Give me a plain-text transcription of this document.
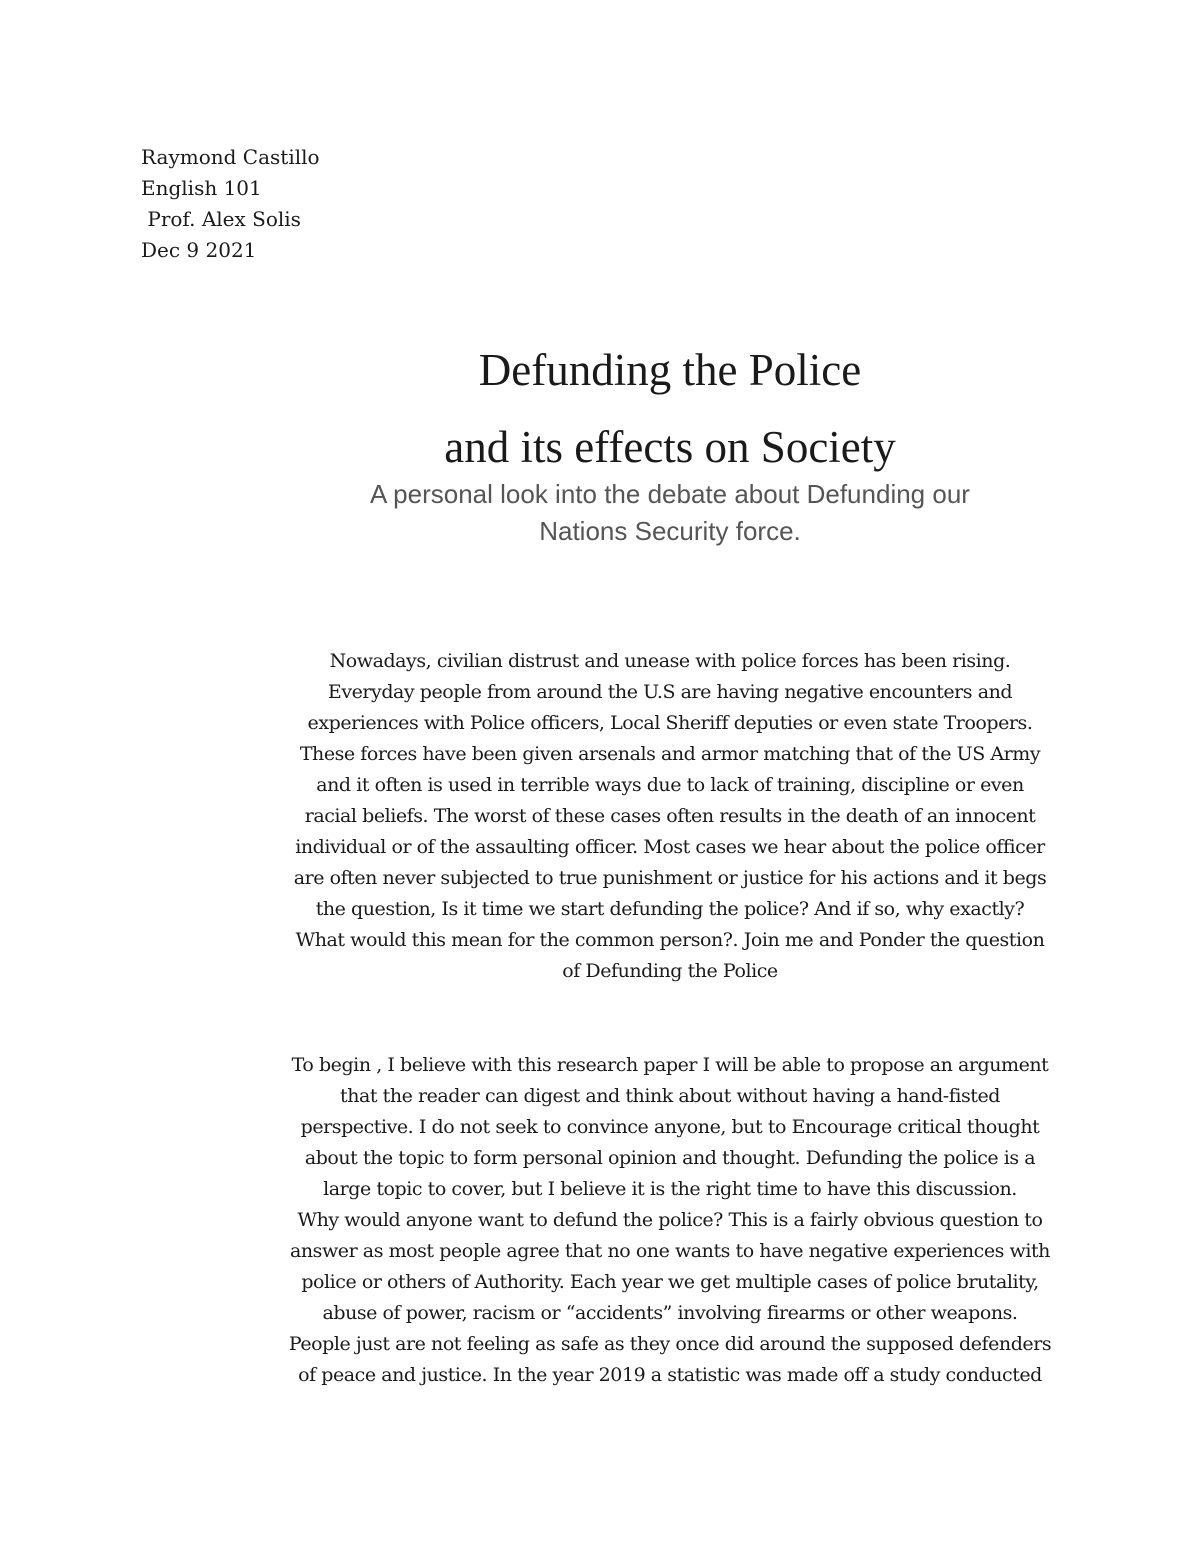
Raymond Castillo
English 101
Prof. Alex Solis
Dec 9 2021
Defunding the Police
and its effects on Society
A personal look into the debate about Defunding our
Nations Security force.
Nowadays, civilian distrust and unease with police forces has been rising.
Everyday people from around the U.S are having negative encounters and
experiences with Police officers, Local Sheriff deputies or even state Troopers.
These forces have been given arsenals and armor matching that of the US Army
and it often is used in terrible ways due to lack of training, discipline or even
racial beliefs. The worst of these cases often results in the death of an innocent
individual or of the assaulting officer. Most cases we hear about the police officer
are often never subjected to true punishment or justice for his actions and it begs
the question, Is it time we start defunding the police? And if so, why exactly?
What would this mean for the common person?. Join me and Ponder the question
of Defunding the Police
To begin , I believe with this research paper I will be able to propose an argument
that the reader can digest and think about without having a hand-fisted
perspective. I do not seek to convince anyone, but to Encourage critical thought
about the topic to form personal opinion and thought. Defunding the police is a
large topic to cover, but I believe it is the right time to have this discussion.
Why would anyone want to defund the police? This is a fairly obvious question to
answer as most people agree that no one wants to have negative experiences with
police or others of Authority. Each year we get multiple cases of police brutality,
abuse of power, racism or “accidents” involving firearms or other weapons.
People just are not feeling as safe as they once did around the supposed defenders
of peace and justice. In the year 2019 a statistic was made off a study conducted
